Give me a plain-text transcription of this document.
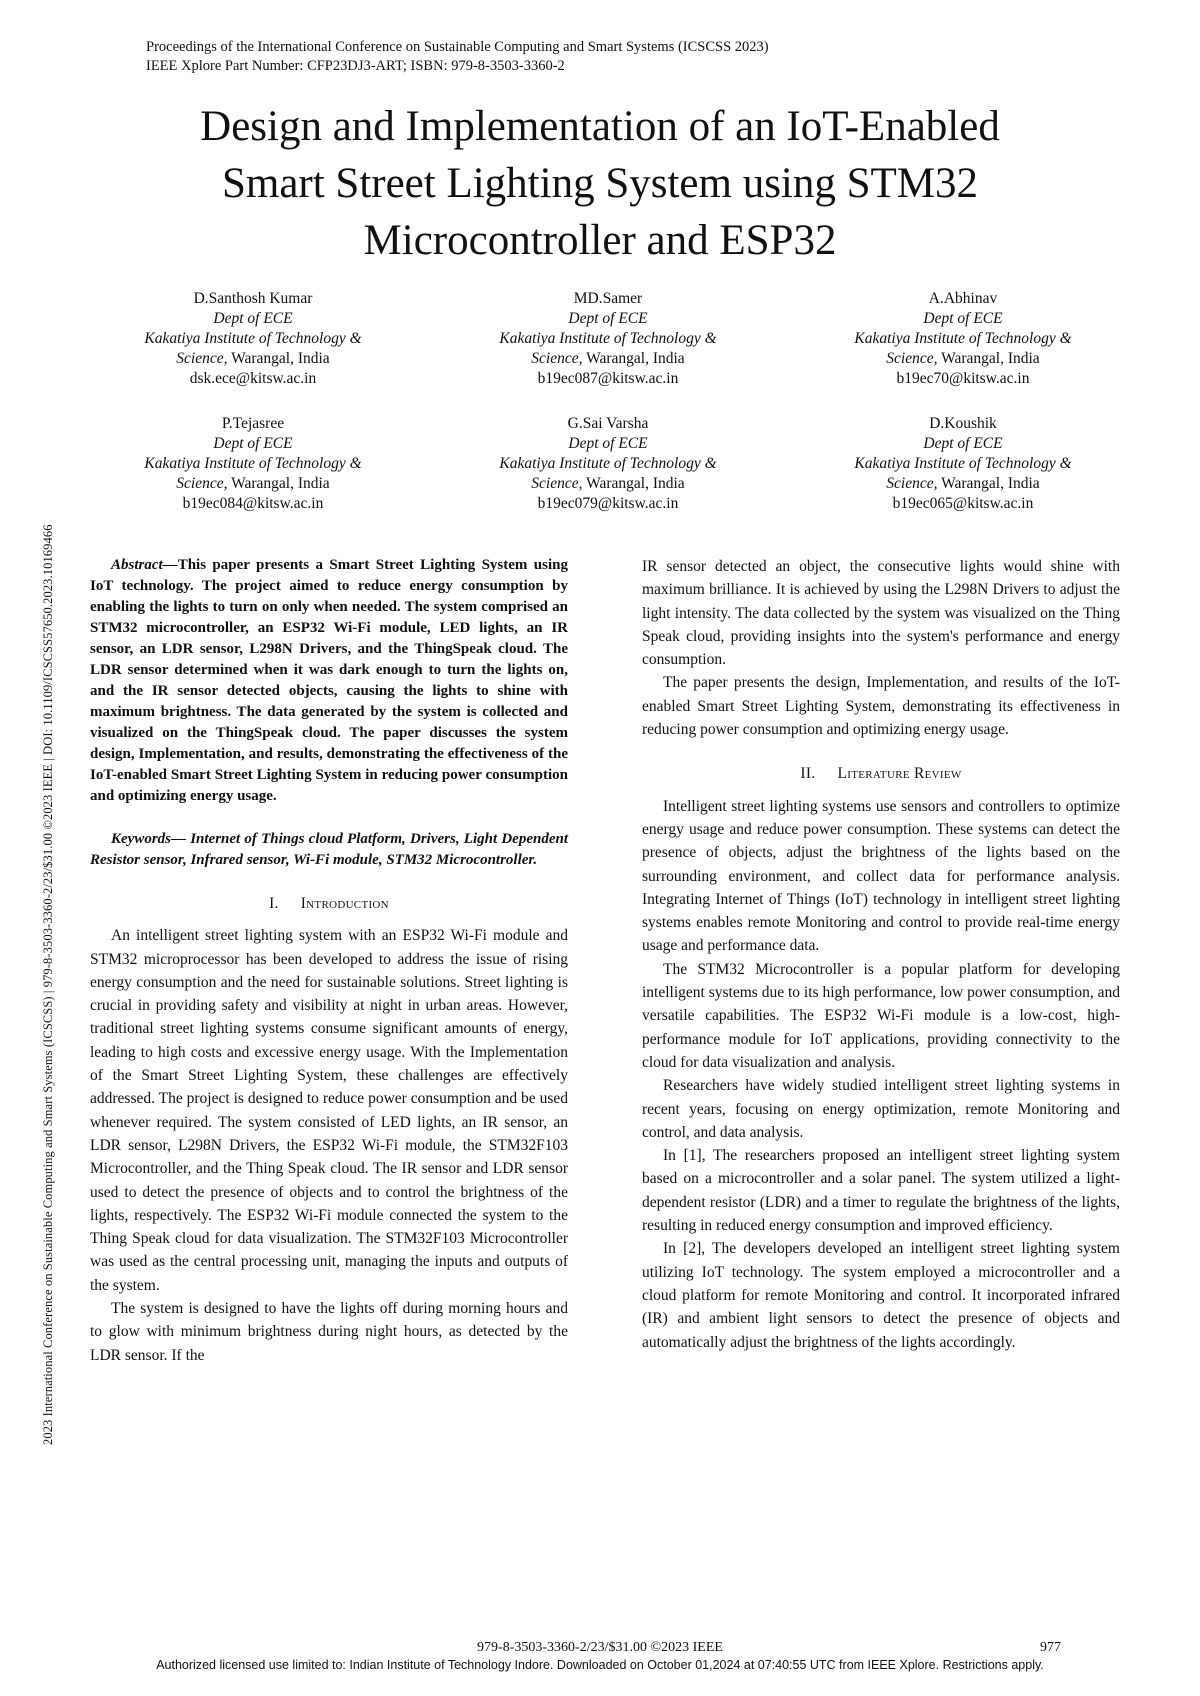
Proceedings of the International Conference on Sustainable Computing and Smart Systems (ICSCSS 2023)
IEEE Xplore Part Number: CFP23DJ3-ART; ISBN: 979-8-3503-3360-2
Design and Implementation of an IoT-Enabled
Smart Street Lighting System using STM32
Microcontroller and ESP32
D.Santhosh Kumar
Dept of ECE
Kakatiya Institute of Technology &
Science, Warangal, India
dsk.ece@kitsw.ac.in
MD.Samer
Dept of ECE
Kakatiya Institute of Technology &
Science, Warangal, India
b19ec087@kitsw.ac.in
A.Abhinav
Dept of ECE
Kakatiya Institute of Technology &
Science, Warangal, India
b19ec70@kitsw.ac.in
P.Tejasree
Dept of ECE
Kakatiya Institute of Technology &
Science, Warangal, India
b19ec084@kitsw.ac.in
G.Sai Varsha
Dept of ECE
Kakatiya Institute of Technology &
Science, Warangal, India
b19ec079@kitsw.ac.in
D.Koushik
Dept of ECE
Kakatiya Institute of Technology &
Science, Warangal, India
b19ec065@kitsw.ac.in
2023 International Conference on Sustainable Computing and Smart Systems (ICSCSS) | 979-8-3503-3360-2/23/$31.00 ©2023 IEEE | DOI: 10.1109/ICSCSS57650.2023.10169466	Abstract—This paper presents a Smart Street Lighting System using IoT technology. The project aimed to reduce energy consumption by enabling the lights to turn on only when needed. The system comprised an STM32 microcontroller, an ESP32 Wi-Fi module, LED lights, an IR sensor, an LDR sensor, L298N Drivers, and the ThingSpeak cloud. The LDR sensor determined when it was dark enough to turn the lights on, and the IR sensor detected objects, causing the lights to shine with maximum brightness. The data generated by the system is collected and visualized on the ThingSpeak cloud. The paper discusses the system design, Implementation, and results, demonstrating the effectiveness of the IoT-enabled Smart Street Lighting System in reducing power consumption and optimizing energy usage.

Keywords— Internet of Things cloud Platform, Drivers, Light Dependent Resistor sensor, Infrared sensor, Wi-Fi module, STM32 Microcontroller.

I. Introduction

An intelligent street lighting system with an ESP32 Wi-Fi module and STM32 microprocessor has been developed to address the issue of rising energy consumption and the need for sustainable solutions. Street lighting is crucial in providing safety and visibility at night in urban areas. However, traditional street lighting systems consume significant amounts of energy, leading to high costs and excessive energy usage. With the Implementation of the Smart Street Lighting System, these challenges are effectively addressed. The project is designed to reduce power consumption and be used whenever required. The system consisted of LED lights, an IR sensor, an LDR sensor, L298N Drivers, the ESP32 Wi-Fi module, the STM32F103 Microcontroller, and the Thing Speak cloud. The IR sensor and LDR sensor used to detect the presence of objects and to control the brightness of the lights, respectively. The ESP32 Wi-Fi module connected the system to the Thing Speak cloud for data visualization. The STM32F103 Microcontroller was used as the central processing unit, managing the inputs and outputs of the system.

The system is designed to have the lights off during morning hours and to glow with minimum brightness during night hours, as detected by the LDR sensor. If the

IR sensor detected an object, the consecutive lights would shine with maximum brilliance. It is achieved by using the L298N Drivers to adjust the light intensity. The data collected by the system was visualized on the Thing Speak cloud, providing insights into the system's performance and energy consumption.

The paper presents the design, Implementation, and results of the IoT-enabled Smart Street Lighting System, demonstrating its effectiveness in reducing power consumption and optimizing energy usage.

II. Literature Review

Intelligent street lighting systems use sensors and controllers to optimize energy usage and reduce power consumption. These systems can detect the presence of objects, adjust the brightness of the lights based on the surrounding environment, and collect data for performance analysis. Integrating Internet of Things (IoT) technology in intelligent street lighting systems enables remote Monitoring and control to provide real-time energy usage and performance data.

The STM32 Microcontroller is a popular platform for developing intelligent systems due to its high performance, low power consumption, and versatile capabilities. The ESP32 Wi-Fi module is a low-cost, high-performance module for IoT applications, providing connectivity to the cloud for data visualization and analysis.

Researchers have widely studied intelligent street lighting systems in recent years, focusing on energy optimization, remote Monitoring and control, and data analysis.

In [1], The researchers proposed an intelligent street lighting system based on a microcontroller and a solar panel. The system utilized a light-dependent resistor (LDR) and a timer to regulate the brightness of the lights, resulting in reduced energy consumption and improved efficiency.

In [2], The developers developed an intelligent street lighting system utilizing IoT technology. The system employed a microcontroller and a cloud platform for remote Monitoring and control. It incorporated infrared (IR) and ambient light sensors to detect the presence of objects and automatically adjust the brightness of the lights accordingly.

979-8-3503-3360-2/23/$31.00 ©2023 IEEE	977
Authorized licensed use limited to: Indian Institute of Technology Indore. Downloaded on October 01,2024 at 07:40:55 UTC from IEEE Xplore. Restrictions apply.
